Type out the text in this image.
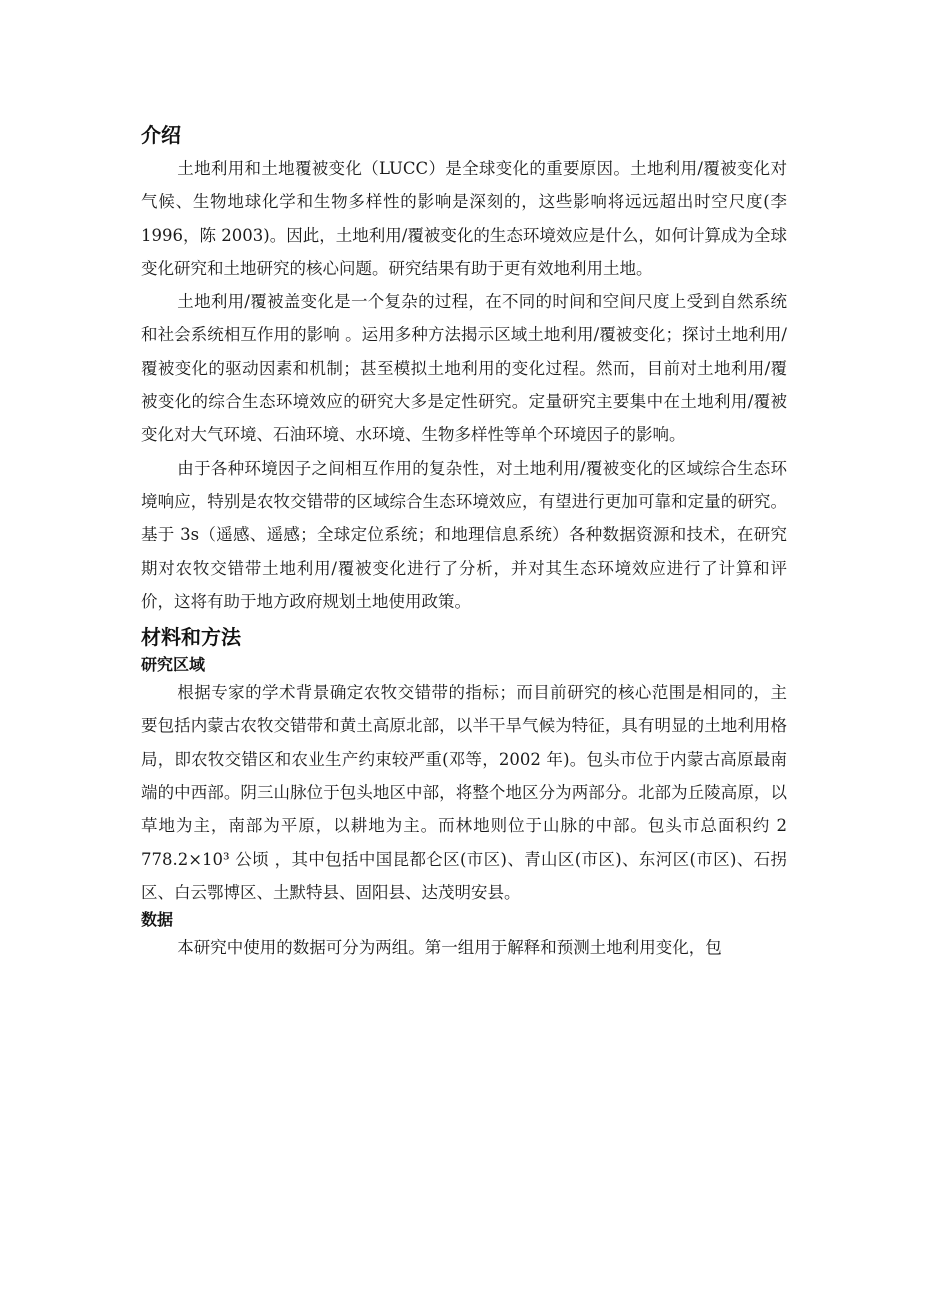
介绍

土地利用和土地覆被变化（LUCC）是全球变化的重要原因。土地利用/覆被变化对气候、生物地球化学和生物多样性的影响是深刻的，这些影响将远远超出时空尺度(李 1996，陈 2003)。因此，土地利用/覆被变化的生态环境效应是什么，如何计算成为全球变化研究和土地研究的核心问题。研究结果有助于更有效地利用土地。

土地利用/覆被盖变化是一个复杂的过程，在不同的时间和空间尺度上受到自然系统和社会系统相互作用的影响 。运用多种方法揭示区域土地利用/覆被变化；探讨土地利用/覆被变化的驱动因素和机制；甚至模拟土地利用的变化过程。然而，目前对土地利用/覆被变化的综合生态环境效应的研究大多是定性研究。定量研究主要集中在土地利用/覆被变化对大气环境、石油环境、水环境、生物多样性等单个环境因子的影响。

由于各种环境因子之间相互作用的复杂性，对土地利用/覆被变化的区域综合生态环境响应，特别是农牧交错带的区域综合生态环境效应，有望进行更加可靠和定量的研究。基于 3s（遥感、遥感；全球定位系统；和地理信息系统）各种数据资源和技术，在研究期对农牧交错带土地利用/覆被变化进行了分析，并对其生态环境效应进行了计算和评价，这将有助于地方政府规划土地使用政策。

材料和方法
研究区域

根据专家的学术背景确定农牧交错带的指标；而目前研究的核心范围是相同的，主要包括内蒙古农牧交错带和黄土高原北部，以半干旱气候为特征，具有明显的土地利用格局，即农牧交错区和农业生产约束较严重(邓等，2002 年)。包头市位于内蒙古高原最南端的中西部。阴三山脉位于包头地区中部，将整个地区分为两部分。北部为丘陵高原，以草地为主，南部为平原，以耕地为主。而林地则位于山脉的中部。包头市总面积约 2 778.2×10³ 公顷 ，其中包括中国昆都仑区(市区)、青山区(市区)、东河区(市区)、石拐区、白云鄂博区、土默特县、固阳县、达茂明安县。

数据

本研究中使用的数据可分为两组。第一组用于解释和预测土地利用变化，包
